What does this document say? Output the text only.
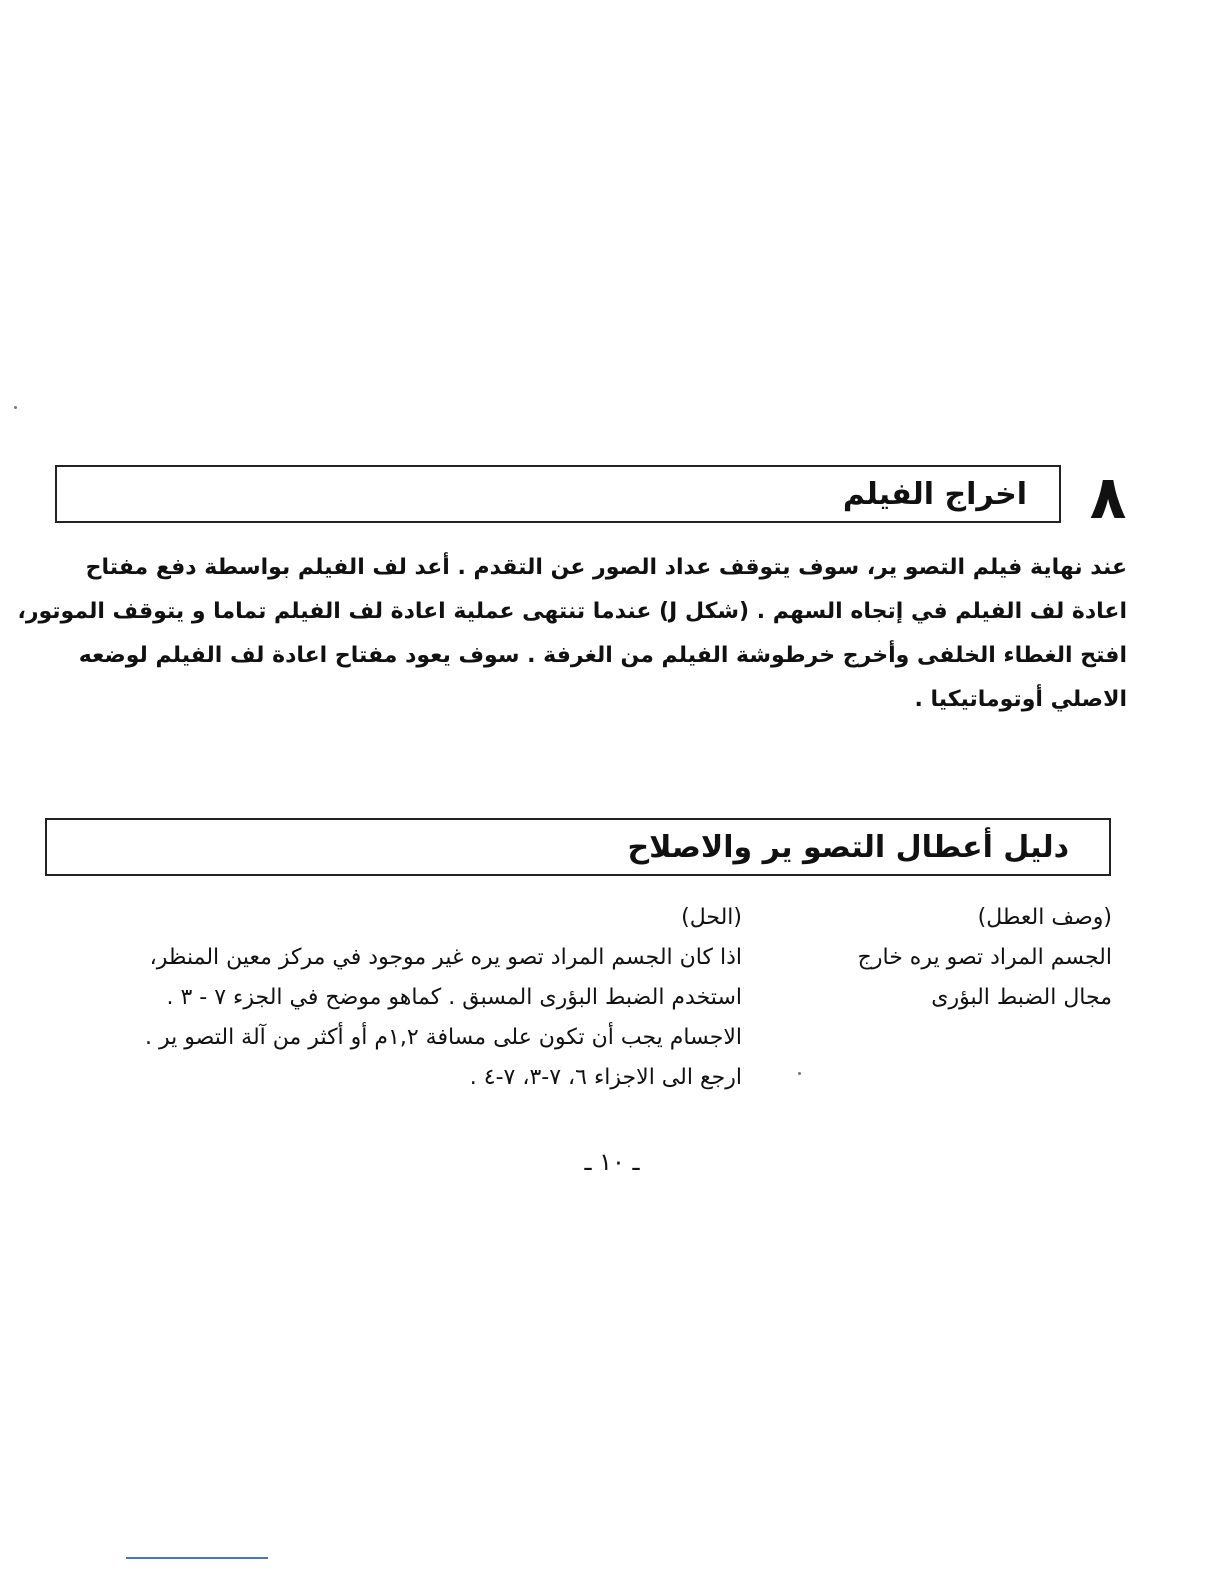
٨
اخراج الفيلم
عند نهاية فيلم التصو ير، سوف يتوقف عداد الصور عن التقدم . أعد لف الفيلم بواسطة دفع مفتاح
اعادة لف الفيلم في إتجاه السهم . (شكل J) عندما تنتهى عملية اعادة لف الفيلم تماما و يتوقف الموتور،
افتح الغطاء الخلفى وأخرج خرطوشة الفيلم من الغرفة . سوف يعود مفتاح اعادة لف الفيلم لوضعه
الاصلي أوتوماتيكيا .
دليل أعطال التصو ير والاصلاح
(وصف العطل)
الجسم المراد تصو يره خارج
مجال الضبط البؤرى
(الحل)
اذا كان الجسم المراد تصو يره غير موجود في مركز معين المنظر،
استخدم الضبط البؤرى المسبق . كماهو موضح في الجزء ٧ - ٣ .
الاجسام يجب أن تكون على مسافة ١,٢م أو أكثر من آلة التصو ير .
ارجع الى الاجزاء ٦، ٧-٣، ٧-٤ .
ـ ١٠ ـ
